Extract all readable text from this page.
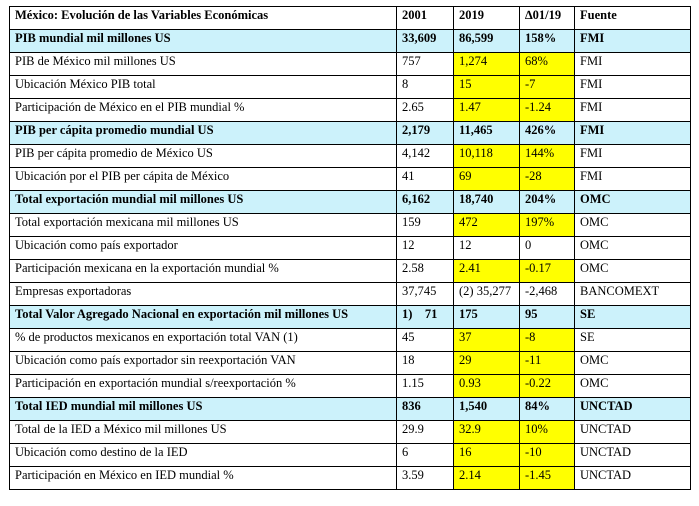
México: Evolución de las Variables Económicas	2001	2019	∆01/19	Fuente
PIB mundial mil millones US	33,609	86,599	158%	FMI
PIB de México mil millones US	757	1,274	68%	FMI
Ubicación México PIB total	8	15	-7	FMI
Participación de México en el PIB mundial %	2.65	1.47	-1.24	FMI
PIB per cápita promedio mundial US	2,179	11,465	426%	FMI
PIB per cápita promedio de México US	4,142	10,118	144%	FMI
Ubicación por el PIB per cápita de México	41	69	-28	FMI
Total exportación mundial mil millones US	6,162	18,740	204%	OMC
Total exportación mexicana mil millones US	159	472	197%	OMC
Ubicación como país exportador	12	12	0	OMC
Participación mexicana en la exportación mundial %	2.58	2.41	-0.17	OMC
Empresas exportadoras	37,745	(2) 35,277	-2,468	BANCOMEXT
Total Valor Agregado Nacional en exportación mil millones US	1)    71	175	95	SE
% de productos mexicanos en exportación total VAN (1)	45	37	-8	SE
Ubicación como país exportador sin reexportación VAN	18	29	-11	OMC
Participación en exportación mundial s/reexportación %	1.15	0.93	-0.22	OMC
Total IED mundial mil millones US	836	1,540	84%	UNCTAD
Total de la IED a México mil millones US	29.9	32.9	10%	UNCTAD
Ubicación como destino de la IED	6	16	-10	UNCTAD
Participación en México en IED mundial %	3.59	2.14	-1.45	UNCTAD
